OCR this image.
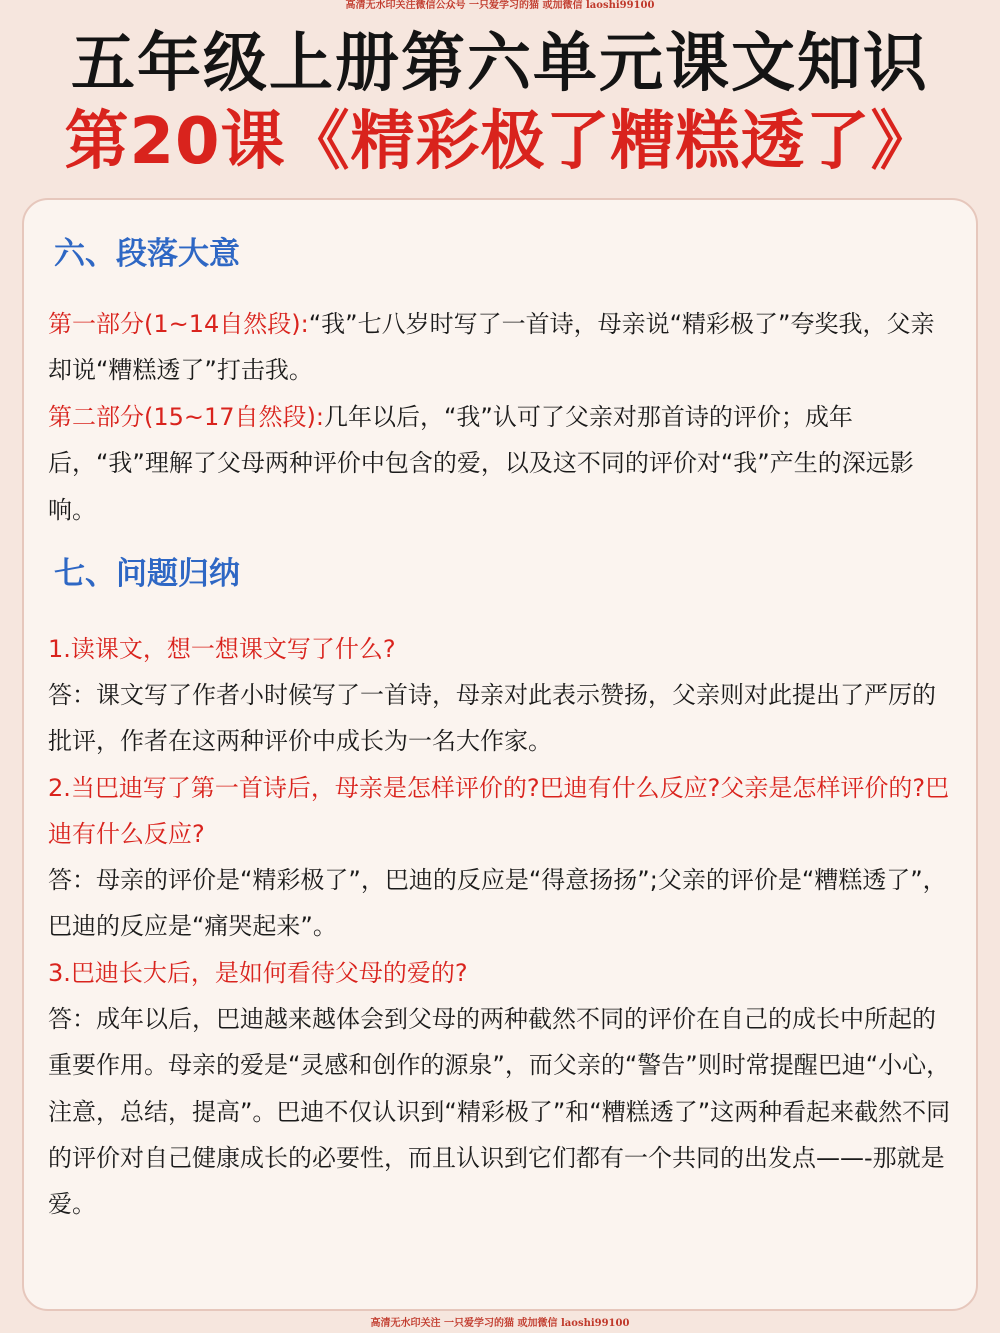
高清无水印关注微信公众号 一只爱学习的猫 或加微信 laoshi99100
五年级上册第六单元课文知识
第20课《精彩极了糟糕透了》
六、段落大意

第一部分(1~14自然段):“我”七八岁时写了一首诗，母亲说“精彩极了”夸奖我，父亲却说“糟糕透了”打击我。

第二部分(15~17自然段):几年以后，“我”认可了父亲对那首诗的评价；成年后，“我”理解了父母两种评价中包含的爱，以及这不同的评价对“我”产生的深远影响。

七、问题归纳

1.读课文，想一想课文写了什么?

答：课文写了作者小时候写了一首诗，母亲对此表示赞扬，父亲则对此提出了严厉的批评，作者在这两种评价中成长为一名大作家。

2.当巴迪写了第一首诗后，母亲是怎样评价的?巴迪有什么反应?父亲是怎样评价的?巴迪有什么反应?

答：母亲的评价是“精彩极了”，巴迪的反应是“得意扬扬”;父亲的评价是“糟糕透了”，巴迪的反应是“痛哭起来”。

3.巴迪长大后，是如何看待父母的爱的?

答：成年以后，巴迪越来越体会到父母的两种截然不同的评价在自己的成长中所起的重要作用。母亲的爱是“灵感和创作的源泉”，而父亲的“警告”则时常提醒巴迪“小心，注意，总结，提高”。巴迪不仅认识到“精彩极了”和“糟糕透了”这两种看起来截然不同的评价对自己健康成长的必要性，而且认识到它们都有一个共同的出发点——-那就是爱。

高清无水印关注 一只爱学习的猫 或加微信 laoshi99100
